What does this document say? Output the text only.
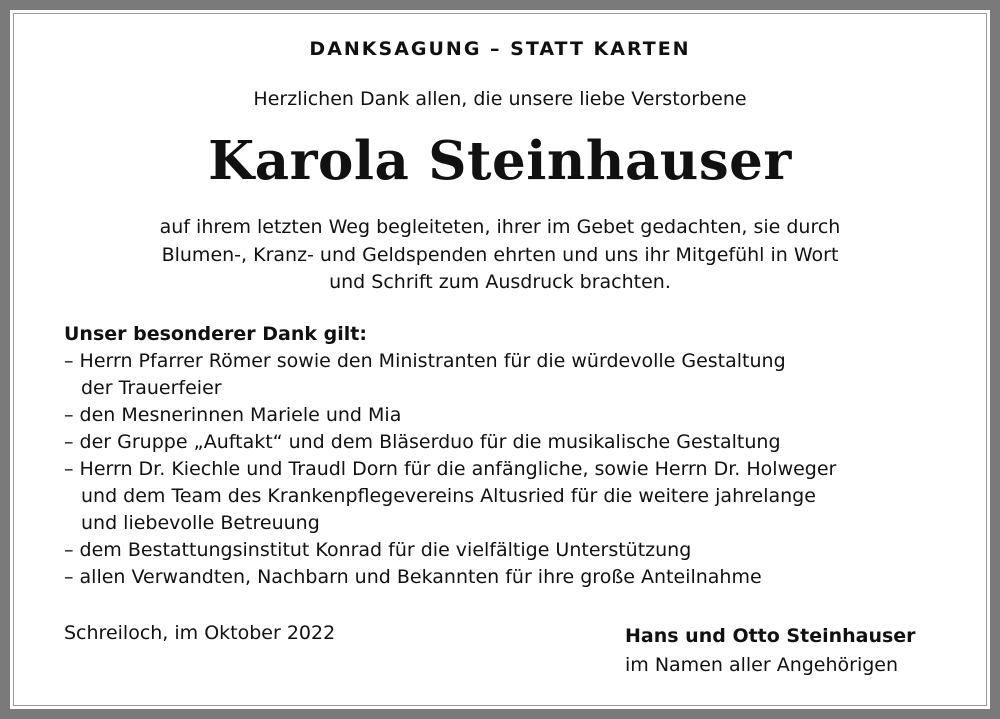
DANKSAGUNG – STATT KARTEN
Herzlichen Dank allen, die unsere liebe Verstorbene
Karola Steinhauser
auf ihrem letzten Weg begleiteten, ihrer im Gebet gedachten, sie durch
Blumen-, Kranz- und Geldspenden ehrten und uns ihr Mitgefühl in Wort
und Schrift zum Ausdruck brachten.
Unser besonderer Dank gilt:
– Herrn Pfarrer Römer sowie den Ministranten für die würdevolle Gestaltung
der Trauerfeier
– den Mesnerinnen Mariele und Mia
– der Gruppe „Auftakt“ und dem Bläserduo für die musikalische Gestaltung
– Herrn Dr. Kiechle und Traudl Dorn für die anfängliche, sowie Herrn Dr. Holweger
und dem Team des Krankenpflegevereins Altusried für die weitere jahrelange
und liebevolle Betreuung
– dem Bestattungsinstitut Konrad für die vielfältige Unterstützung
– allen Verwandten, Nachbarn und Bekannten für ihre große Anteilnahme
Schreiloch, im Oktober 2022	Hans und Otto Steinhauser
im Namen aller Angehörigen
